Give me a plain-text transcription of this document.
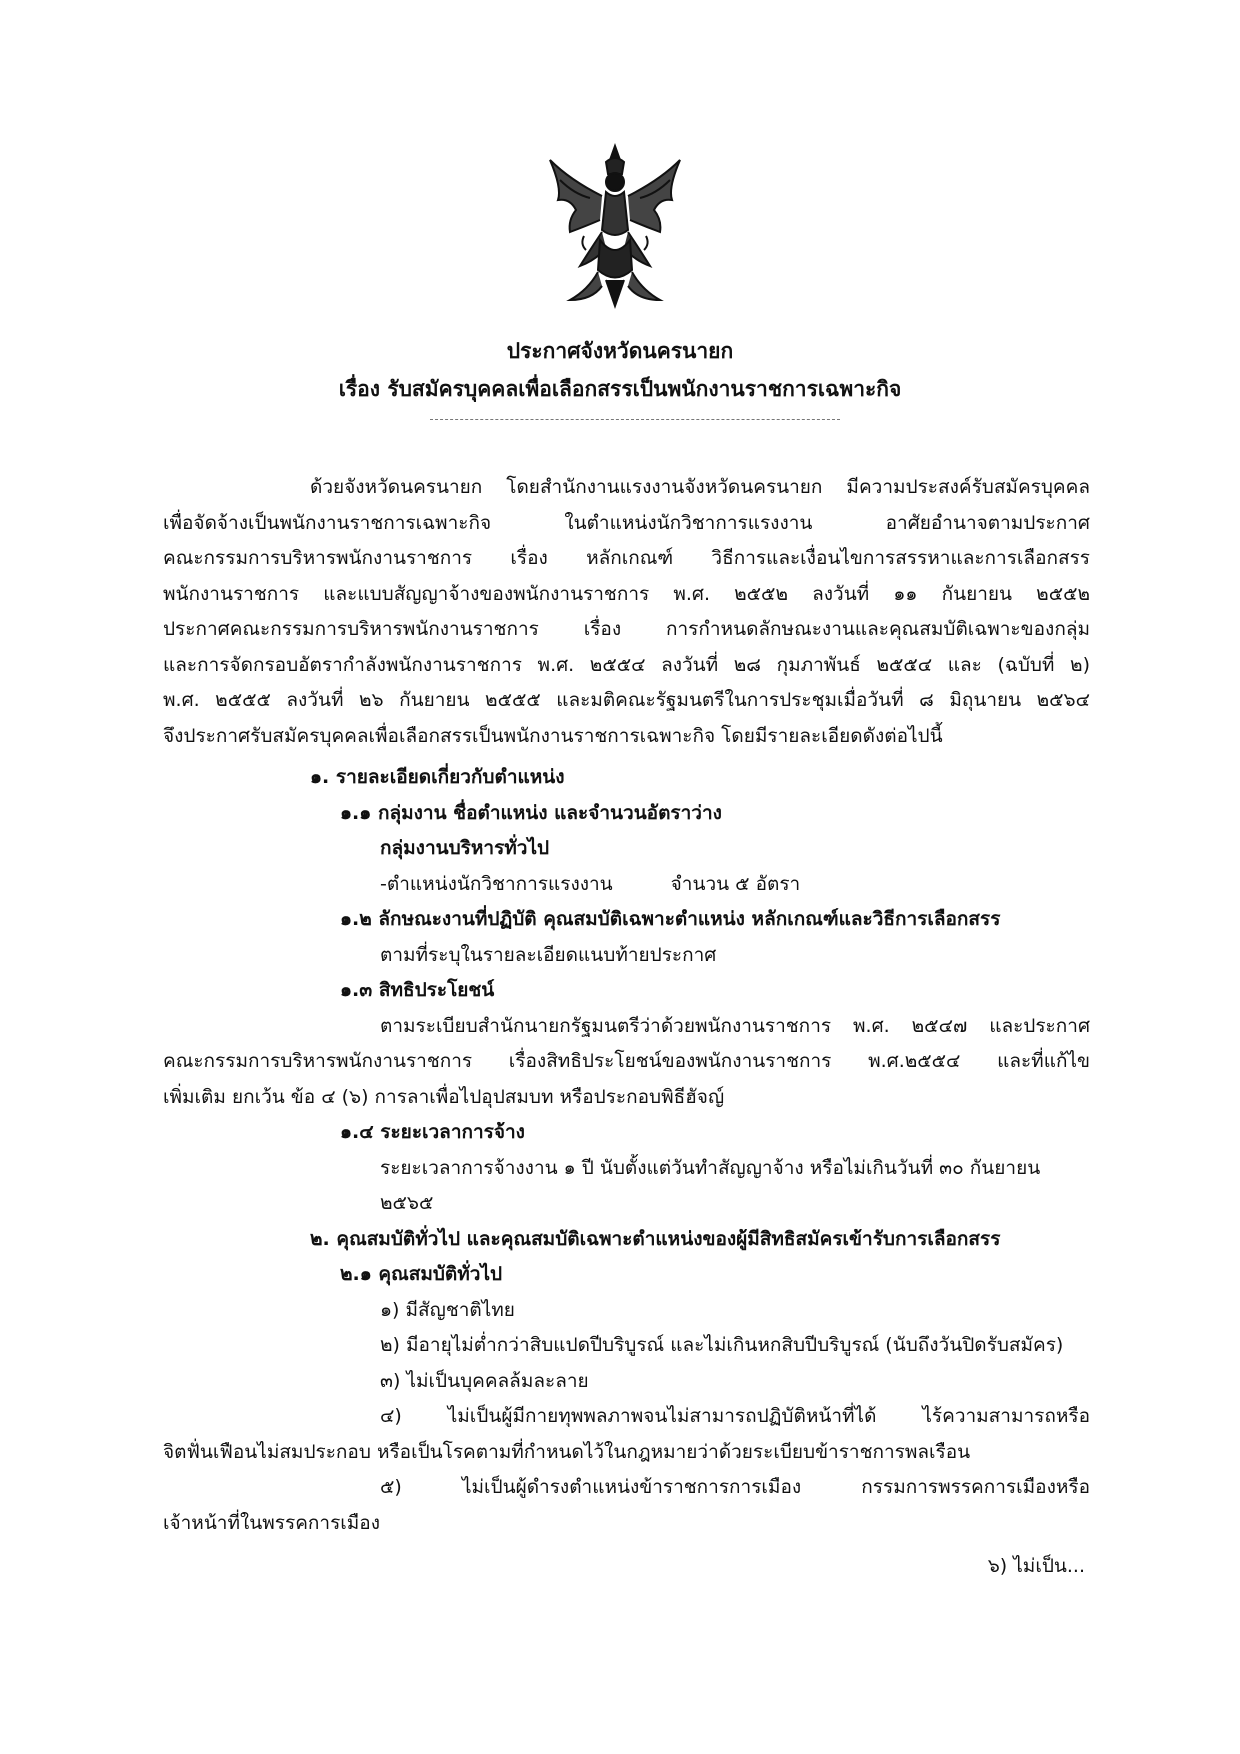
ประกาศจังหวัดนครนายก
เรื่อง รับสมัครบุคคลเพื่อเลือกสรรเป็นพนักงานราชการเฉพาะกิจ
ด้วยจังหวัดนครนายก โดยสำนักงานแรงงานจังหวัดนครนายก มีความประสงค์รับสมัครบุคคล
เพื่อจัดจ้างเป็นพนักงานราชการเฉพาะกิจ ในตำแหน่งนักวิชาการแรงงาน อาศัยอำนาจตามประกาศ
คณะกรรมการบริหารพนักงานราชการ เรื่อง หลักเกณฑ์ วิธีการและเงื่อนไขการสรรหาและการเลือกสรร
พนักงานราชการ และแบบสัญญาจ้างของพนักงานราชการ พ.ศ. ๒๕๕๒ ลงวันที่ ๑๑ กันยายน ๒๕๕๒
ประกาศคณะกรรมการบริหารพนักงานราชการ เรื่อง การกำหนดลักษณะงานและคุณสมบัติเฉพาะของกลุ่ม
และการจัดกรอบอัตรากำลังพนักงานราชการ พ.ศ. ๒๕๕๔ ลงวันที่ ๒๘ กุมภาพันธ์ ๒๕๕๔ และ (ฉบับที่ ๒)
พ.ศ. ๒๕๕๕ ลงวันที่ ๒๖ กันยายน ๒๕๕๕ และมติคณะรัฐมนตรีในการประชุมเมื่อวันที่ ๘ มิถุนายน ๒๕๖๔
จึงประกาศรับสมัครบุคคลเพื่อเลือกสรรเป็นพนักงานราชการเฉพาะกิจ โดยมีรายละเอียดดังต่อไปนี้
๑. รายละเอียดเกี่ยวกับตำแหน่ง
๑.๑ กลุ่มงาน ชื่อตำแหน่ง และจำนวนอัตราว่าง
กลุ่มงานบริหารทั่วไป
-ตำแหน่งนักวิชาการแรงงาน	จำนวน ๕ อัตรา
๑.๒ ลักษณะงานที่ปฏิบัติ คุณสมบัติเฉพาะตำแหน่ง หลักเกณฑ์และวิธีการเลือกสรร
ตามที่ระบุในรายละเอียดแนบท้ายประกาศ
๑.๓ สิทธิประโยชน์
ตามระเบียบสำนักนายกรัฐมนตรีว่าด้วยพนักงานราชการ พ.ศ. ๒๕๔๗ และประกาศ
คณะกรรมการบริหารพนักงานราชการ เรื่องสิทธิประโยชน์ของพนักงานราชการ พ.ศ.๒๕๕๔ และที่แก้ไข
เพิ่มเติม ยกเว้น ข้อ ๔ (๖) การลาเพื่อไปอุปสมบท หรือประกอบพิธีฮัจญ์
๑.๔ ระยะเวลาการจ้าง
ระยะเวลาการจ้างงาน ๑ ปี นับตั้งแต่วันทำสัญญาจ้าง หรือไม่เกินวันที่ ๓๐ กันยายน ๒๕๖๕
๒. คุณสมบัติทั่วไป และคุณสมบัติเฉพาะตำแหน่งของผู้มีสิทธิสมัครเข้ารับการเลือกสรร
๒.๑ คุณสมบัติทั่วไป
๑) มีสัญชาติไทย
๒) มีอายุไม่ต่ำกว่าสิบแปดปีบริบูรณ์ และไม่เกินหกสิบปีบริบูรณ์ (นับถึงวันปิดรับสมัคร)
๓) ไม่เป็นบุคคลล้มละลาย
๔) ไม่เป็นผู้มีกายทุพพลภาพจนไม่สามารถปฏิบัติหน้าที่ได้ ไร้ความสามารถหรือ
จิตฟั่นเฟือนไม่สมประกอบ หรือเป็นโรคตามที่กำหนดไว้ในกฎหมายว่าด้วยระเบียบข้าราชการพลเรือน
๕) ไม่เป็นผู้ดำรงตำแหน่งข้าราชการการเมือง กรรมการพรรคการเมืองหรือ
เจ้าหน้าที่ในพรรคการเมือง
๖) ไม่เป็น...
